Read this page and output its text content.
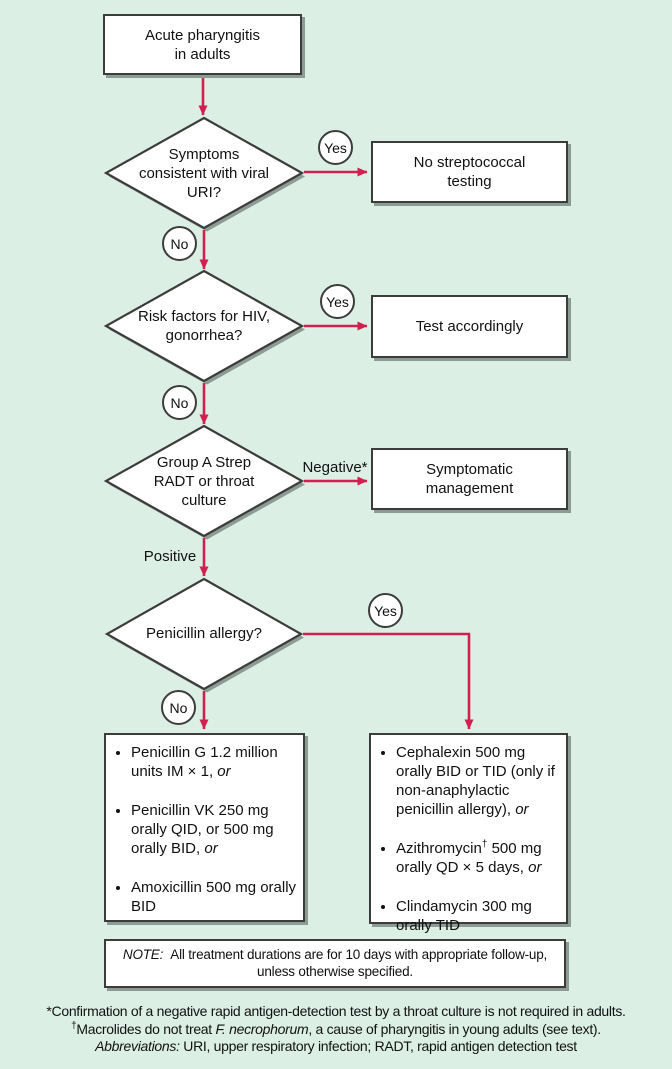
Acute pharyngitis
in adults
Symptoms
consistent with viral
URI?
Yes
No
No streptococcal
testing
Risk factors for HIV,
gonorrhea?
Yes
No
Test accordingly
Group A Strep
RADT or throat
culture
Negative*
Positive
Symptomatic
management
Penicillin allergy?
Yes
No
• Penicillin G 1.2 million units IM × 1, or
• Penicillin VK 250 mg orally QID, or 500 mg orally BID, or
• Amoxicillin 500 mg orally BID
• Cephalexin 500 mg orally BID or TID (only if non-anaphylactic penicillin allergy), or
• Azithromycin† 500 mg orally QD × 5 days, or
• Clindamycin 300 mg orally TID
NOTE:  All treatment durations are for 10 days with appropriate follow-up,
unless otherwise specified.
*Confirmation of a negative rapid antigen-detection test by a throat culture is not required in adults.
†Macrolides do not treat F. necrophorum, a cause of pharyngitis in young adults (see text).
Abbreviations: URI, upper respiratory infection; RADT, rapid antigen detection test
